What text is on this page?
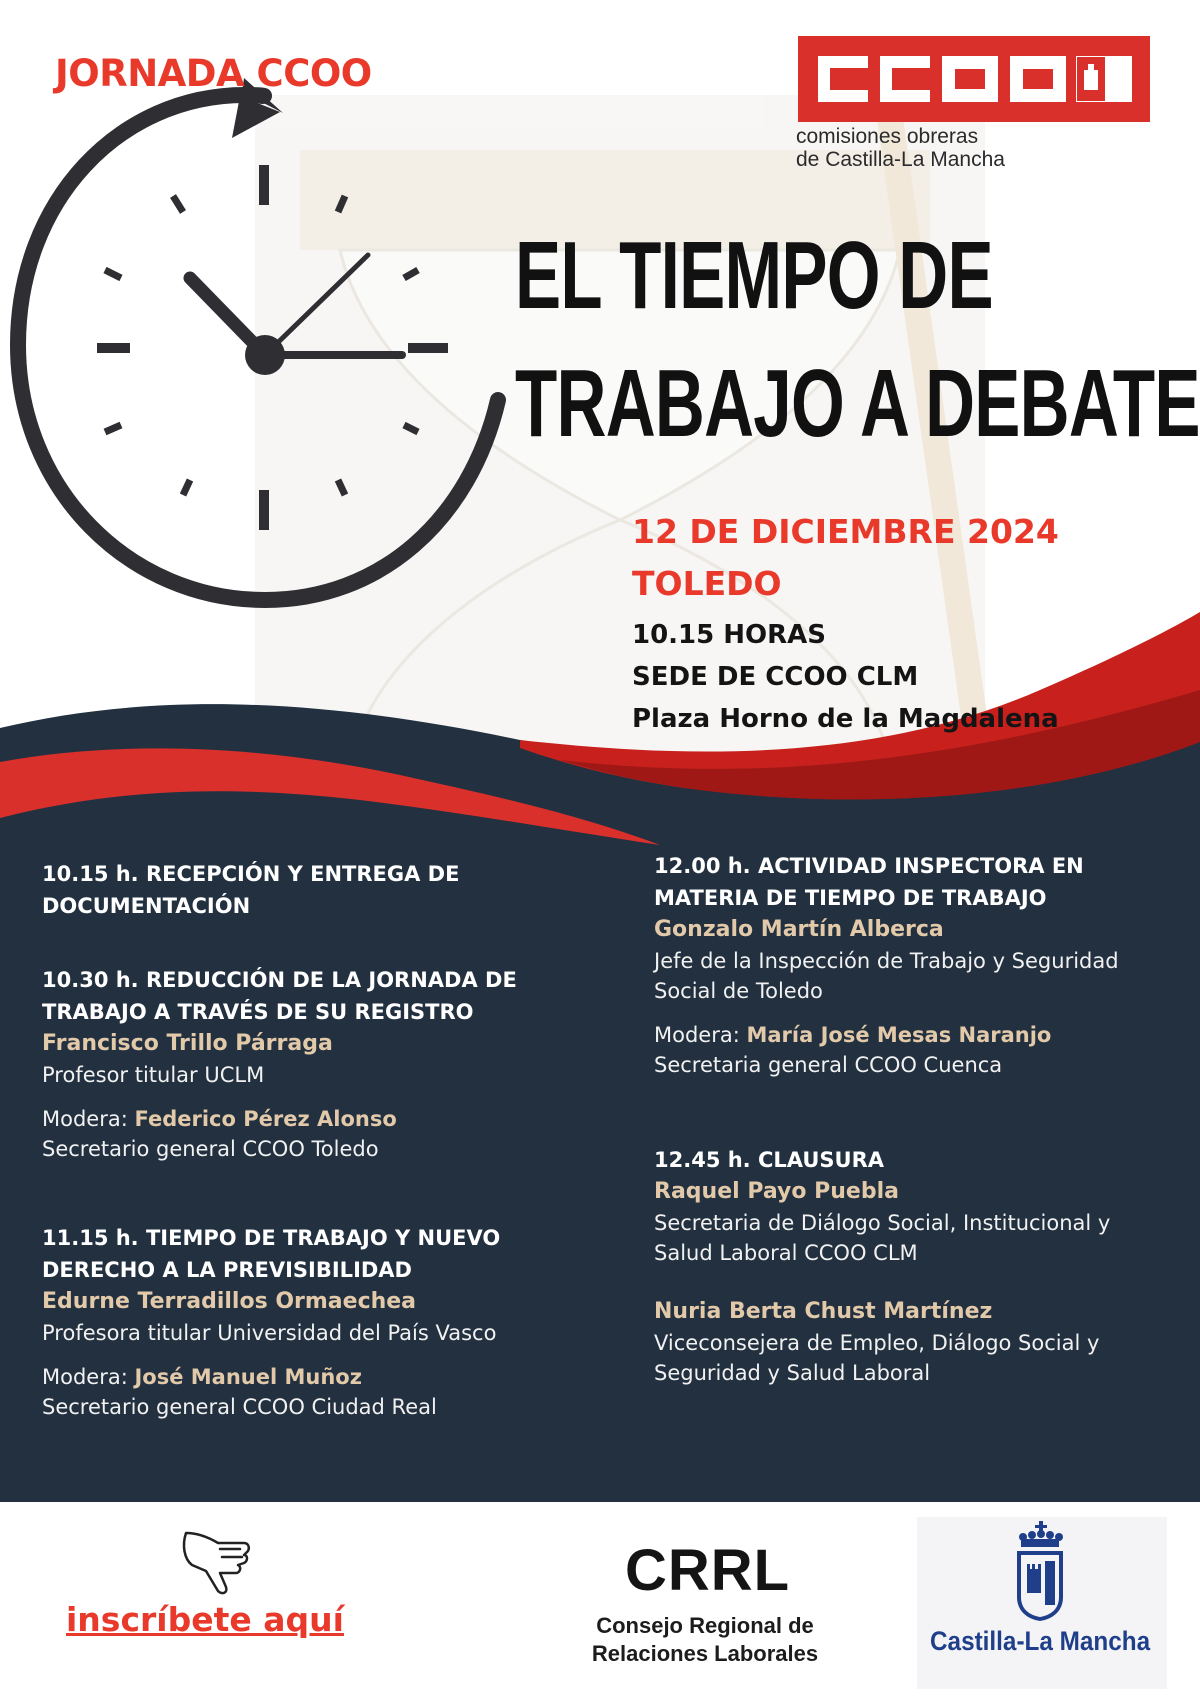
JORNADA CCOO
comisiones obreras
de Castilla-La Mancha
EL TIEMPO DE
TRABAJO A DEBATE
12 DE DICIEMBRE 2024
TOLEDO
10.15 HORAS
SEDE DE CCOO CLM
Plaza Horno de la Magdalena
10.15 h. RECEPCIÓN Y ENTREGA DE
DOCUMENTACIÓN
10.30 h. REDUCCIÓN DE LA JORNADA DE
TRABAJO A TRAVÉS DE SU REGISTRO
Francisco Trillo Párraga
Profesor titular UCLM
Modera: Federico Pérez Alonso
Secretario general CCOO Toledo
11.15 h. TIEMPO DE TRABAJO Y NUEVO
DERECHO A LA PREVISIBILIDAD
Edurne Terradillos Ormaechea
Profesora titular Universidad del País Vasco
Modera: José Manuel Muñoz
Secretario general CCOO Ciudad Real
12.00 h. ACTIVIDAD INSPECTORA EN
MATERIA DE TIEMPO DE TRABAJO
Gonzalo Martín Alberca
Jefe de la Inspección de Trabajo y Seguridad
Social de Toledo
Modera: María José Mesas Naranjo
Secretaria general CCOO Cuenca
12.45 h. CLAUSURA
Raquel Payo Puebla
Secretaria de Diálogo Social, Institucional y
Salud Laboral CCOO CLM
Nuria Berta Chust Martínez
Viceconsejera de Empleo, Diálogo Social y
Seguridad y Salud Laboral
inscríbete aquí
CRRL
Consejo Regional de
Relaciones Laborales	Castilla-La Mancha
